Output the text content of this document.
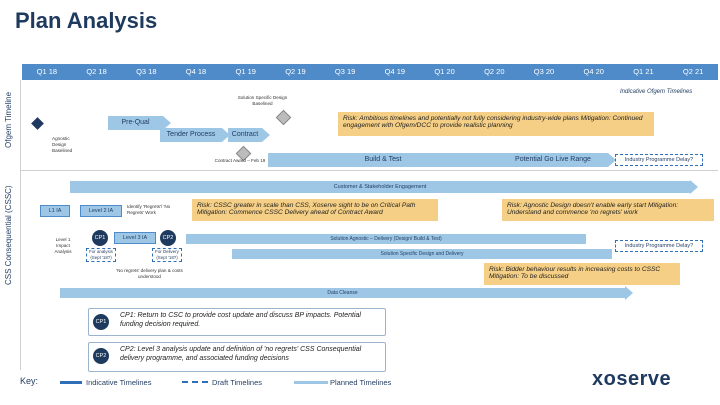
Plan Analysis
Q1 18	Q2 18	Q3 18	Q4 18	Q1 19	Q2 19	Q3 19	Q4 19	Q1 20	Q2 20	Q3 20	Q4 20	Q1 21	Q2 21
Ofgem Timeline
CSS Consequential (CSSC)
Indicative Ofgem Timelines
Solution Specific Design Baselined
Pre-Qual
Tender Process	Contract
Agnostic Design Baselined
Contract Award – Feb 19
Risk: Ambitious timelines and potentially not fully considering industry-wide plans Mitigation: Continued engagement with Ofgem/DCC to provide realistic planning
Build & Test	Potential Go Live Range	Industry Programme Delay?
Customer & Stakeholder Engagement
L1 IA	Level 2 IA
Identify 'Regrets'/ 'No Regrets' Work
Risk: CSSC greater in scale than CSS, Xoserve sight to be on Critical Path Mitigation: Commence CSSC Delivery ahead of Contract Award
Risk: Agnostic Design doesn't enable early start Mitigation: Understand and commence 'no regrets' work
CP1	Level 3 IA	CP2
Level 1 Impact Analysis	For analysis (Sept '18?)
For Delivery (Sept '18?)
Solution Agnostic – Delivery (Design/ Build & Test)
Industry Programme Delay?
Solution Specific Design and Delivery
'No regrets' delivery plan & costs understood
Risk: Bidder behaviour results in increasing costs to CSSC Mitigation: To be discussed
Data Cleanse
CP1
CP1: Return to CSC to provide cost update and discuss BP impacts. Potential funding decision required.
CP2
CP2: Level 3 analysis update and definition of 'no regrets' CSS Consequential delivery programme, and associated funding decisions
Key:	Indicative Timelines	Draft Timelines	Planned Timelines	xoserve
